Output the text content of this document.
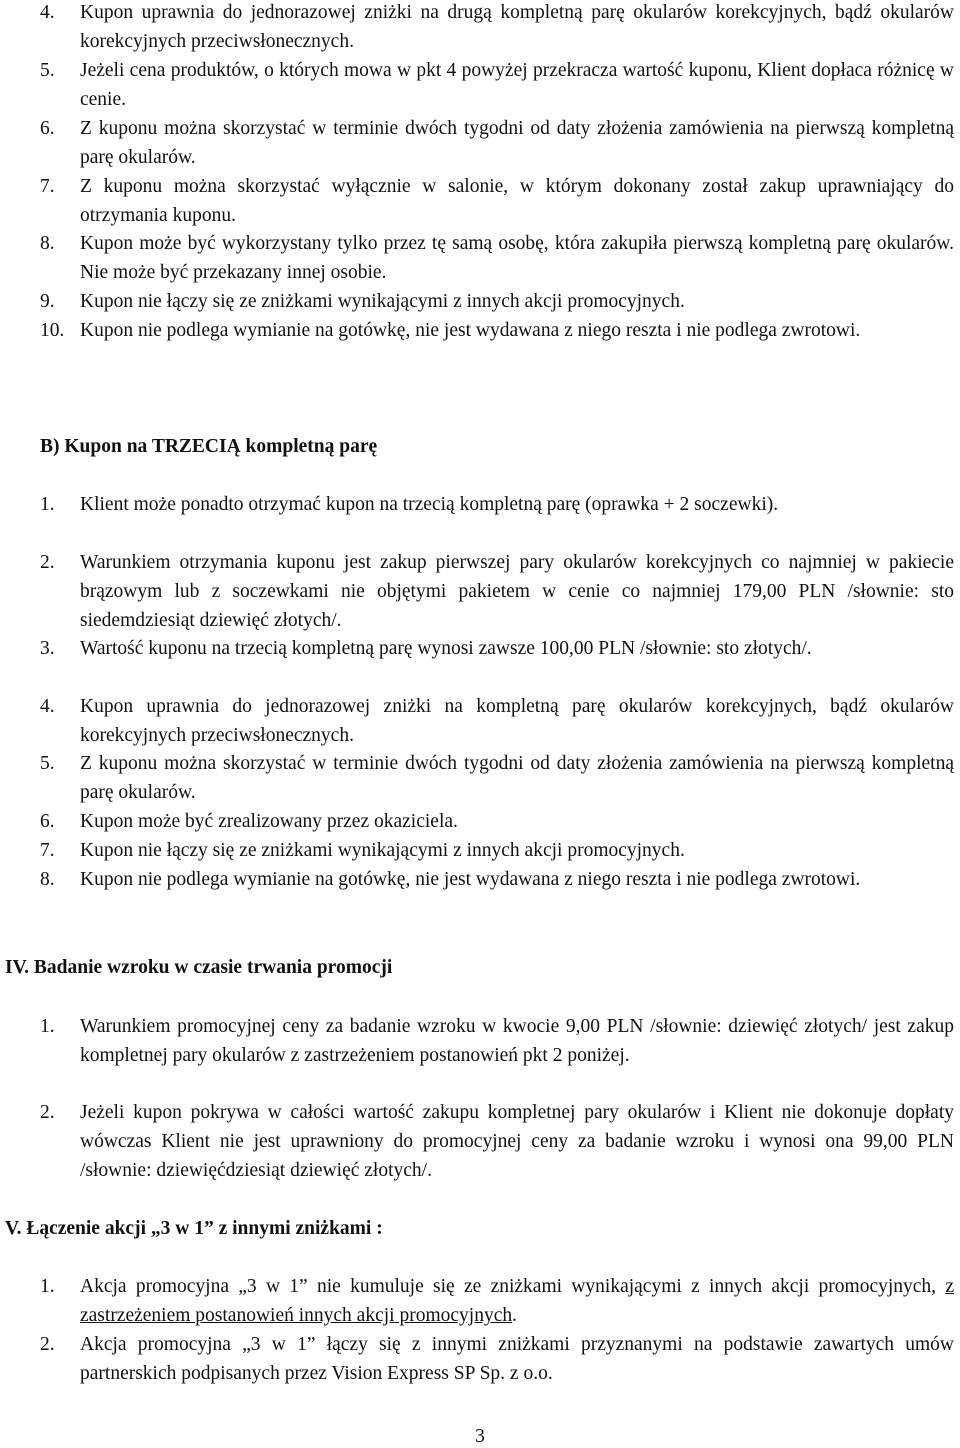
4. Kupon uprawnia do jednorazowej zniżki na drugą kompletną parę okularów korekcyjnych, bądź okularów korekcyjnych przeciwsłonecznych.
5. Jeżeli cena produktów, o których mowa w pkt 4 powyżej przekracza wartość kuponu, Klient dopłaca różnicę w cenie.
6. Z kuponu można skorzystać w terminie dwóch tygodni od daty złożenia zamówienia na pierwszą kompletną parę okularów.
7. Z kuponu można skorzystać wyłącznie w salonie, w którym dokonany został zakup uprawniający do otrzymania kuponu.
8. Kupon może być wykorzystany tylko przez tę samą osobę, która zakupiła pierwszą kompletną parę okularów. Nie może być przekazany innej osobie.
9. Kupon nie łączy się ze zniżkami wynikającymi z innych akcji promocyjnych.
10. Kupon nie podlega wymianie na gotówkę, nie jest wydawana z niego reszta i nie podlega zwrotowi.
B) Kupon na TRZECIĄ kompletną parę
1. Klient może ponadto otrzymać kupon na trzecią kompletną parę (oprawka + 2 soczewki).
2. Warunkiem otrzymania kuponu jest zakup pierwszej pary okularów korekcyjnych co najmniej w pakiecie brązowym lub z soczewkami nie objętymi pakietem w cenie co najmniej 179,00 PLN /słownie: sto siedemdziesiąt dziewięć złotych/.
3. Wartość kuponu na trzecią kompletną parę wynosi zawsze 100,00 PLN /słownie: sto złotych/.
4. Kupon uprawnia do jednorazowej zniżki na kompletną parę okularów korekcyjnych, bądź okularów korekcyjnych przeciwsłonecznych.
5. Z kuponu można skorzystać w terminie dwóch tygodni od daty złożenia zamówienia na pierwszą kompletną parę okularów.
6. Kupon może być zrealizowany przez okaziciela.
7. Kupon nie łączy się ze zniżkami wynikającymi z innych akcji promocyjnych.
8. Kupon nie podlega wymianie na gotówkę, nie jest wydawana z niego reszta i nie podlega zwrotowi.
IV. Badanie wzroku w czasie trwania promocji
1. Warunkiem promocyjnej ceny za badanie wzroku w kwocie 9,00 PLN /słownie: dziewięć złotych/ jest zakup kompletnej pary okularów z zastrzeżeniem postanowień pkt 2 poniżej.
2. Jeżeli kupon pokrywa w całości wartość zakupu kompletnej pary okularów i Klient nie dokonuje dopłaty wówczas Klient nie jest uprawniony do promocyjnej ceny za badanie wzroku i wynosi ona 99,00 PLN /słownie: dziewięćdziesiąt dziewięć złotych/.
V. Łączenie akcji „3 w 1” z innymi zniżkami :
1. Akcja promocyjna „3 w 1” nie kumuluje się ze zniżkami wynikającymi z innych akcji promocyjnych, z zastrzeżeniem postanowień innych akcji promocyjnych.
2. Akcja promocyjna „3 w 1” łączy się z innymi zniżkami przyznanymi na podstawie zawartych umów partnerskich podpisanych przez Vision Express SP Sp. z o.o.
3
